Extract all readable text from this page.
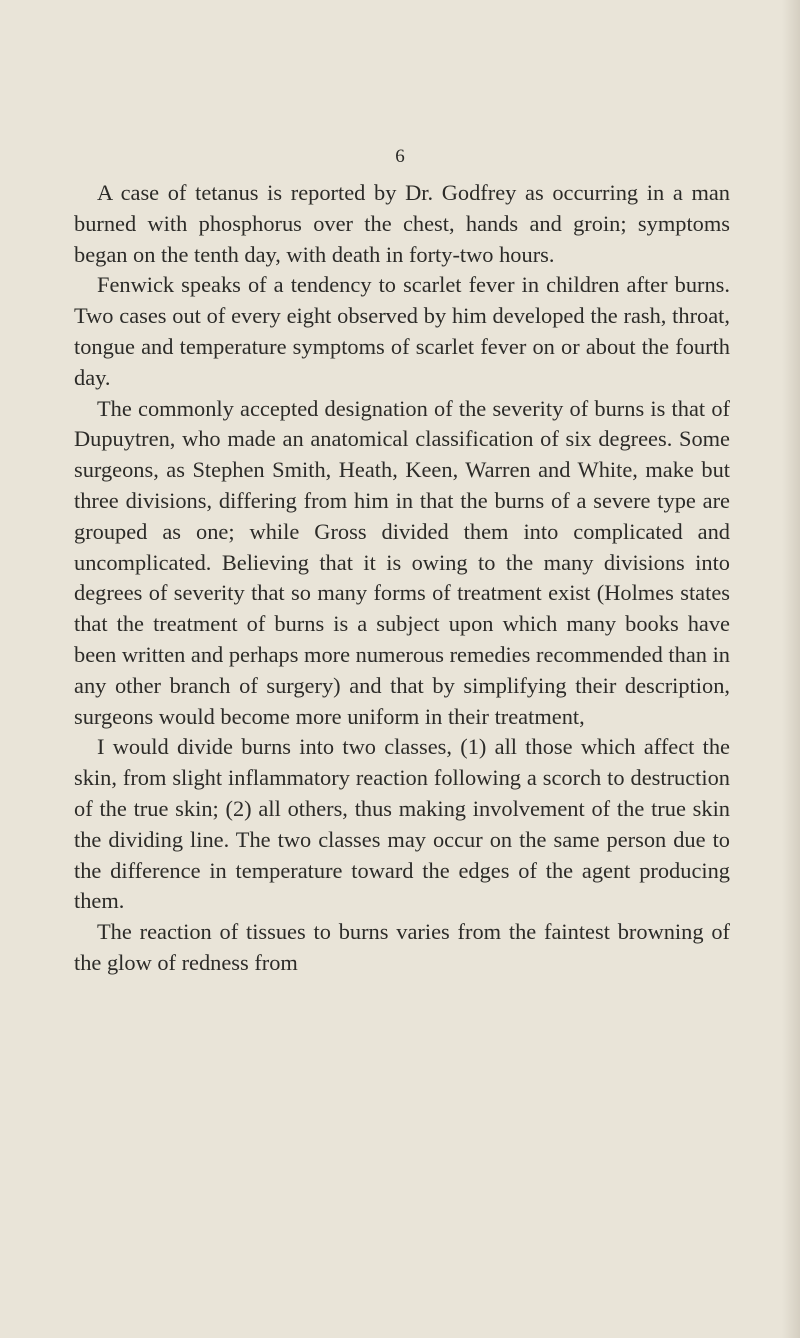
6

A case of tetanus is reported by Dr. Godfrey as occurring in a man burned with phosphorus over the chest, hands and groin; symptoms began on the tenth day, with death in forty-two hours.

Fenwick speaks of a tendency to scarlet fever in children after burns. Two cases out of every eight observed by him developed the rash, throat, tongue and temperature symptoms of scarlet fever on or about the fourth day.

The commonly accepted designation of the severity of burns is that of Dupuytren, who made an anatomical classification of six degrees. Some surgeons, as Stephen Smith, Heath, Keen, Warren and White, make but three divisions, differing from him in that the burns of a severe type are grouped as one; while Gross divided them into complicated and uncomplicated. Believing that it is owing to the many divisions into degrees of severity that so many forms of treatment exist (Holmes states that the treatment of burns is a subject upon which many books have been written and perhaps more numerous remedies recommended than in any other branch of surgery) and that by simplifying their description, surgeons would become more uniform in their treatment,

I would divide burns into two classes, (1) all those which affect the skin, from slight inflammatory reaction following a scorch to destruction of the true skin; (2) all others, thus making involvement of the true skin the dividing line. The two classes may occur on the same person due to the difference in temperature toward the edges of the agent producing them.

The reaction of tissues to burns varies from the faintest browning of the glow of redness from
